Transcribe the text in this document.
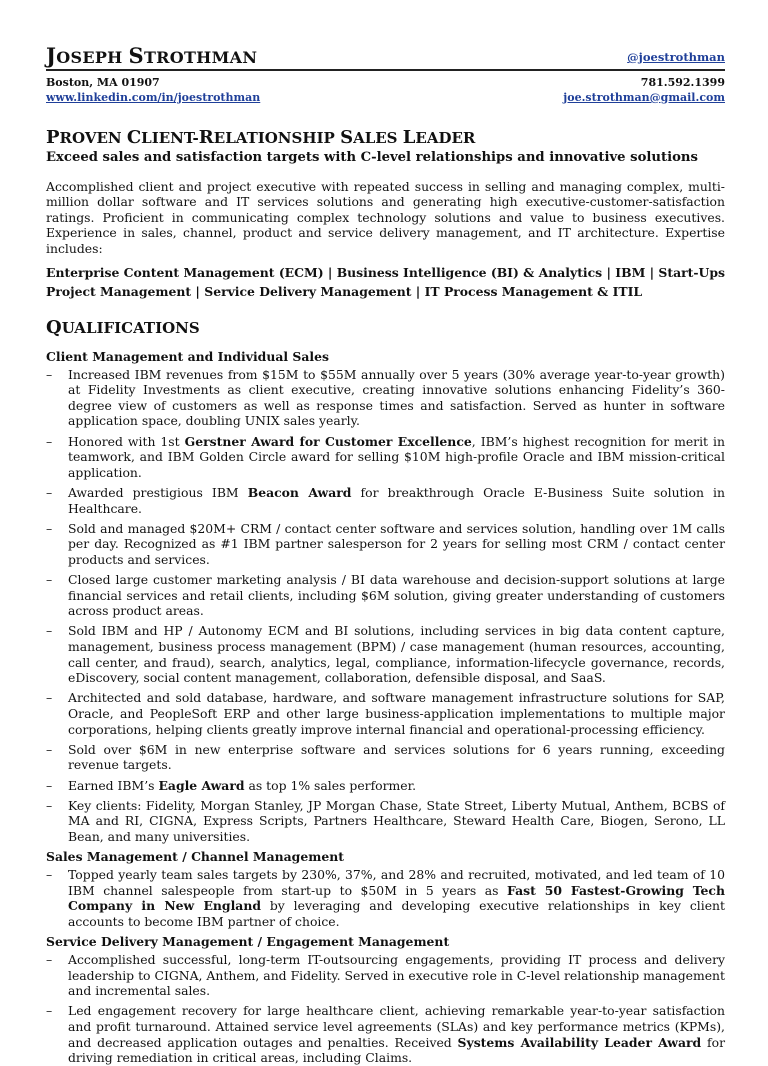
JOSEPH STROTHMAN	@joestrothman
Boston, MA 01907	781.592.1399
www.linkedin.com/in/joestrothman	joe.strothman@gmail.com
PROVEN CLIENT-RELATIONSHIP SALES LEADER
Exceed sales and satisfaction targets with C-level relationships and innovative solutions
Accomplished client and project executive with repeated success in selling and managing complex, multi-million dollar software and IT services solutions and generating high executive-customer-satisfaction ratings. Proficient in communicating complex technology solutions and value to business executives. Experience in sales, channel, product and service delivery management, and IT architecture. Expertise includes:
Enterprise Content Management (ECM) | Business Intelligence (BI) & Analytics | IBM | Start-Ups
Project Management | Service Delivery Management | IT Process Management & ITIL
QUALIFICATIONS
Client Management and Individual Sales
– Increased IBM revenues from $15M to $55M annually over 5 years (30% average year-to-year growth) at Fidelity Investments as client executive, creating innovative solutions enhancing Fidelity’s 360-degree view of customers as well as response times and satisfaction. Served as hunter in software application space, doubling UNIX sales yearly.
– Honored with 1st Gerstner Award for Customer Excellence, IBM’s highest recognition for merit in teamwork, and IBM Golden Circle award for selling $10M high-profile Oracle and IBM mission-critical application.
– Awarded prestigious IBM Beacon Award for breakthrough Oracle E-Business Suite solution in Healthcare.
– Sold and managed $20M+ CRM / contact center software and services solution, handling over 1M calls per day. Recognized as #1 IBM partner salesperson for 2 years for selling most CRM / contact center products and services.
– Closed large customer marketing analysis / BI data warehouse and decision-support solutions at large financial services and retail clients, including $6M solution, giving greater understanding of customers across product areas.
– Sold IBM and HP / Autonomy ECM and BI solutions, including services in big data content capture, management, business process management (BPM) / case management (human resources, accounting, call center, and fraud), search, analytics, legal, compliance, information-lifecycle governance, records, eDiscovery, social content management, collaboration, defensible disposal, and SaaS.
– Architected and sold database, hardware, and software management infrastructure solutions for SAP, Oracle, and PeopleSoft ERP and other large business-application implementations to multiple major corporations, helping clients greatly improve internal financial and operational-processing efficiency.
– Sold over $6M in new enterprise software and services solutions for 6 years running, exceeding revenue targets.
– Earned IBM’s Eagle Award as top 1% sales performer.
– Key clients: Fidelity, Morgan Stanley, JP Morgan Chase, State Street, Liberty Mutual, Anthem, BCBS of MA and RI, CIGNA, Express Scripts, Partners Healthcare, Steward Health Care, Biogen, Serono, LL Bean, and many universities.
Sales Management / Channel Management
– Topped yearly team sales targets by 230%, 37%, and 28% and recruited, motivated, and led team of 10 IBM channel salespeople from start-up to $50M in 5 years as Fast 50 Fastest-Growing Tech Company in New England by leveraging and developing executive relationships in key client accounts to become IBM partner of choice.
Service Delivery Management / Engagement Management
– Accomplished successful, long-term IT-outsourcing engagements, providing IT process and delivery leadership to CIGNA, Anthem, and Fidelity. Served in executive role in C-level relationship management and incremental sales.
– Led engagement recovery for large healthcare client, achieving remarkable year-to-year satisfaction and profit turnaround. Attained service level agreements (SLAs) and key performance metrics (KPMs), and decreased application outages and penalties. Received Systems Availability Leader Award for driving remediation in critical areas, including Claims.
